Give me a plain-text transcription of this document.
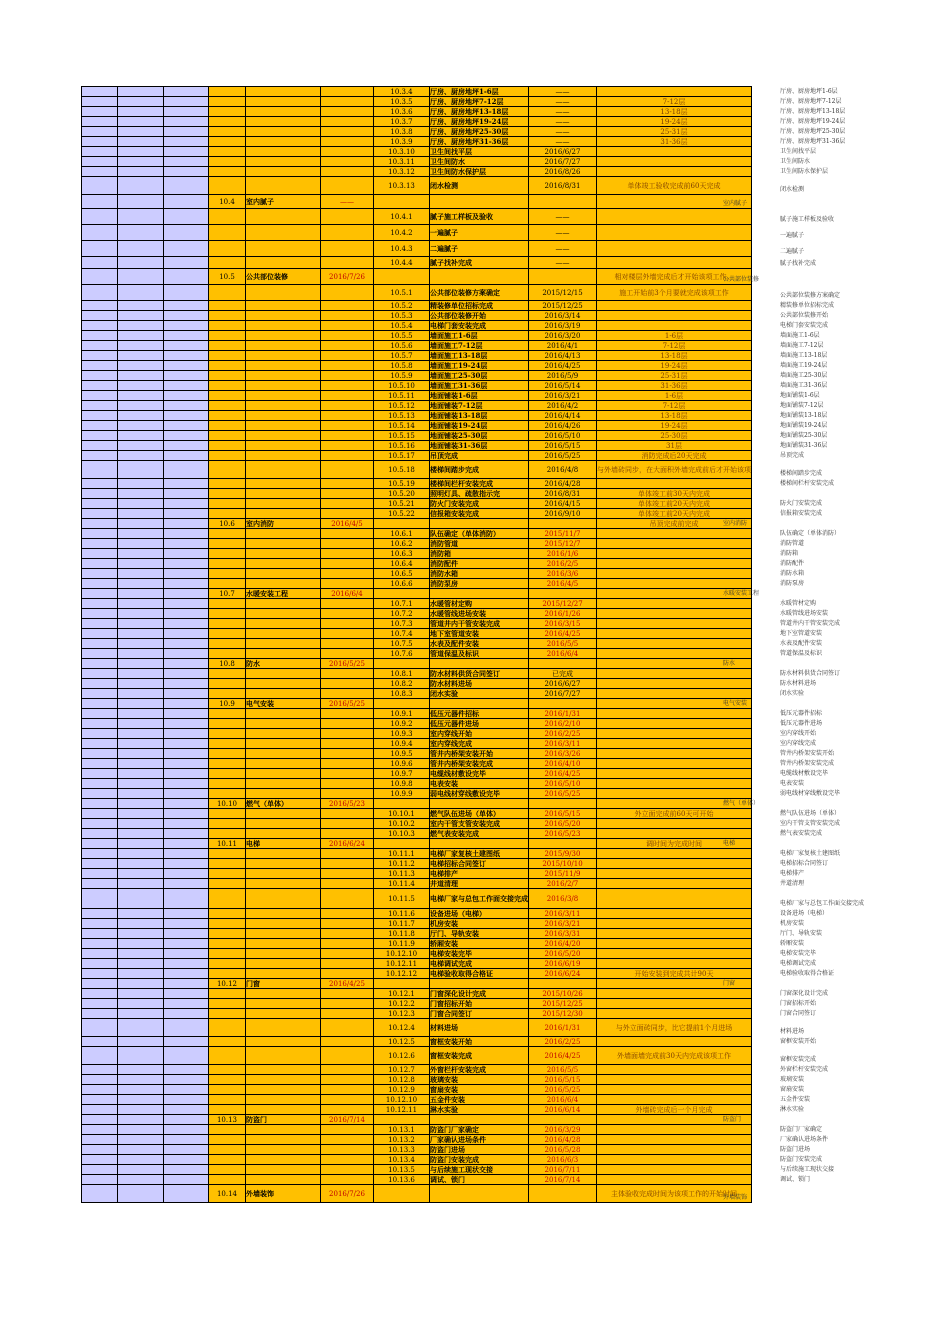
						10.3.4	厅房、厨房地坪1-6层	——	
						10.3.5	厅房、厨房地坪7-12层	——	7-12层
						10.3.6	厅房、厨房地坪13-18层	——	13-18层
						10.3.7	厅房、厨房地坪19-24层	——	19-24层
						10.3.8	厅房、厨房地坪25-30层	——	25-31层
						10.3.9	厅房、厨房地坪31-36层	——	31-36层
						10.3.10	卫生间找平层	2016/6/27	
						10.3.11	卫生间防水	2016/7/27	
						10.3.12	卫生间防水保护层	2016/8/26	
						10.3.13	闭水检测	2016/8/31	单体竣工验收完成前60天完成
			10.4	室内腻子	——				
						10.4.1	腻子施工样板及验收	——	
						10.4.2	一遍腻子	——	
						10.4.3	二遍腻子	——	
						10.4.4	腻子找补完成	——	
			10.5	公共部位装修	2016/7/26				相对楼层外墙完成后才开始该项工作。
						10.5.1	公共部位装修方案确定	2015/12/15	施工开始前3个月要就完成该项工作
						10.5.2	精装修单位招标完成	2015/12/25	
						10.5.3	公共部位装修开始	2016/3/14	
						10.5.4	电梯门套安装完成	2016/3/19	
						10.5.5	墙面施工1-6层	2016/3/20	1-6层
						10.5.6	墙面施工7-12层	2016/4/1	7-12层
						10.5.7	墙面施工13-18层	2016/4/13	13-18层
						10.5.8	墙面施工19-24层	2016/4/25	19-24层
						10.5.9	墙面施工25-30层	2016/5/9	25-31层
						10.5.10	墙面施工31-36层	2016/5/14	31-36层
						10.5.11	地面铺装1-6层	2016/3/21	1-6层
						10.5.12	地面铺装7-12层	2016/4/2	7-12层
						10.5.13	地面铺装13-18层	2016/4/14	13-18层
						10.5.14	地面铺装19-24层	2016/4/26	19-24层
						10.5.15	地面铺装25-30层	2016/5/10	25-30层
						10.5.16	地面铺装31-36层	2016/5/15	31层
						10.5.17	吊顶完成	2016/5/25	消防完成后20天完成
						10.5.18	楼梯间踏步完成	2016/4/8	与外墙砖同步，在大面积外墙完成前后才开始该项
						10.5.19	楼梯间栏杆安装完成	2016/4/28	
						10.5.20	照明灯具、疏散指示完	2016/8/31	单体竣工前30天内完成
						10.5.21	防火门安装完成	2016/4/15	单体竣工前20天内完成
						10.5.22	信报箱安装完成	2016/9/10	单体竣工前20天内完成
			10.6	室内消防	2016/4/5				吊顶完成前完成
						10.6.1	队伍确定（单体消防）	2015/11/7	
						10.6.2	消防管道	2015/12/7	
						10.6.3	消防箱	2016/1/6	
						10.6.4	消防配件	2016/2/5	
						10.6.5	消防水箱	2016/3/6	
						10.6.6	消防泵房	2016/4/5	
			10.7	水暖安装工程	2016/6/4				
						10.7.1	水暖管材定购	2015/12/27	
						10.7.2	水暖管线进场安装	2016/1/26	
						10.7.3	管道井内干管安装完成	2016/3/15	
						10.7.4	地下室管道安装	2016/4/25	
						10.7.5	水表及配件安装	2016/5/5	
						10.7.6	管道保温及标识	2016/6/4	
			10.8	防水	2016/5/25				
						10.8.1	防水材料供货合同签订	已完成	
						10.8.2	防水材料进场	2016/6/27	
						10.8.3	闭水实验	2016/7/27	
			10.9	电气安装	2016/5/25				
						10.9.1	低压元器件招标	2016/1/31	
						10.9.2	低压元器件进场	2016/2/10	
						10.9.3	室内穿线开始	2016/2/25	
						10.9.4	室内穿线完成	2016/3/11	
						10.9.5	管井内桥架安装开始	2016/3/26	
						10.9.6	管井内桥架安装完成	2016/4/10	
						10.9.7	电缆线材敷设完毕	2016/4/25	
						10.9.8	电表安装	2016/5/10	
						10.9.9	弱电线材穿线敷设完毕	2016/5/25	
			10.10	燃气（单体）	2016/5/23				
						10.10.1	燃气队伍进场（单体）	2016/5/15	外立面完成前60天可开始
						10.10.2	室内干管支管安装完成	2016/5/20	
						10.10.3	燃气表安装完成	2016/5/23	
			10.11	电梯	2016/6/24				调时间为完成时间
						10.11.1	电梯厂家复核土建图纸	2015/9/30	
						10.11.2	电梯招标合同签订	2015/10/10	
						10.11.3	电梯排产	2015/11/9	
						10.11.4	井道清理	2016/2/7	
						10.11.5	电梯厂家与总包工作面交接完成	2016/3/8	
						10.11.6	设备进场（电梯）	2016/3/11	
						10.11.7	机房安装	2016/3/21	
						10.11.8	厅门、导轨安装	2016/3/31	
						10.11.9	轿厢安装	2016/4/20	
						10.12.10	电梯安装完毕	2016/5/20	
						10.12.11	电梯调试完成	2016/6/19	
						10.12.12	电梯验收取得合格证	2016/6/24	开始安装到完成共计90天
			10.12	门窗	2016/4/25				
						10.12.1	门窗深化设计完成	2015/10/26	
						10.12.2	门窗招标开始	2015/12/25	
						10.12.3	门窗合同签订	2015/12/30	
						10.12.4	材料进场	2016/1/31	与外立面砖同步，比它提前1个月进场
						10.12.5	窗框安装开始	2016/2/25	
						10.12.6	窗框安装完成	2016/4/25	外墙面墙完成前30天内完成该项工作
						10.12.7	外窗栏杆安装完成	2016/5/5	
						10.12.8	玻璃安装	2016/5/15	
						10.12.9	窗扇安装	2016/5/25	
						10.12.10	五金件安装	2016/6/4	
						10.12.11	淋水实验	2016/6/14	外墙砖完成后一个月完成
			10.13	防盗门	2016/7/14				
						10.13.1	防盗门厂家确定	2016/3/29	
						10.13.2	厂家确认进场条件	2016/4/28	
						10.13.3	防盗门进场	2016/5/28	
						10.13.4	防盗门安装完成	2016/6/3	
						10.13.5	与后续施工现状交接	2016/7/11	
						10.13.6	调试、锁门	2016/7/14	
			10.14	外墙装饰	2016/7/26				主体验收完成时间为该项工作的开始时间
厅房、厨房地坪1-6层
厅房、厨房地坪7-12层
厅房、厨房地坪13-18层
厅房、厨房地坪19-24层
厅房、厨房地坪25-30层
厅房、厨房地坪31-36层
卫生间找平层
卫生间防水
卫生间防水保护层
闭水检测
室内腻子
腻子施工样板及验收
一遍腻子
二遍腻子
腻子找补完成
公共部位装修
公共部位装修方案确定
精装修单位招标完成
公共部位装修开始
电梯门套安装完成
墙面施工1-6层
墙面施工7-12层
墙面施工13-18层
墙面施工19-24层
墙面施工25-30层
墙面施工31-36层
地面铺装1-6层
地面铺装7-12层
地面铺装13-18层
地面铺装19-24层
地面铺装25-30层
地面铺装31-36层
吊顶完成
楼梯间踏步完成
楼梯间栏杆安装完成
防火门安装完成
信报箱安装完成
室内消防
队伍确定（单体消防）
消防管道
消防箱
消防配件
消防水箱
消防泵房
水暖安装工程
水暖管材定购
水暖管线进场安装
管道井内干管安装完成
地下室管道安装
水表及配件安装
管道保温及标识
防水
防水材料供货合同签订
防水材料进场
闭水实验
电气安装
低压元器件招标
低压元器件进场
室内穿线开始
室内穿线完成
管井内桥架安装开始
管井内桥架安装完成
电缆线材敷设完毕
电表安装
弱电线材穿线敷设完毕
燃气（单体）
燃气队伍进场（单体）
室内干管支管安装完成
燃气表安装完成
电梯
电梯厂家复核土建图纸
电梯招标合同签订
电梯排产
井道清理
电梯厂家与总包工作面交接完成
设备进场（电梯）
机房安装
厅门、导轨安装
轿厢安装
电梯安装完毕
电梯调试完成
电梯验收取得合格证
门窗
门窗深化设计完成
门窗招标开始
门窗合同签订
材料进场
窗框安装开始
窗框安装完成
外窗栏杆安装完成
玻璃安装
窗扇安装
五金件安装
淋水实验
防盗门
防盗门厂家确定
厂家确认进场条件
防盗门进场
防盗门安装完成
与后续施工现状交接
调试、锁门
外墙装饰
